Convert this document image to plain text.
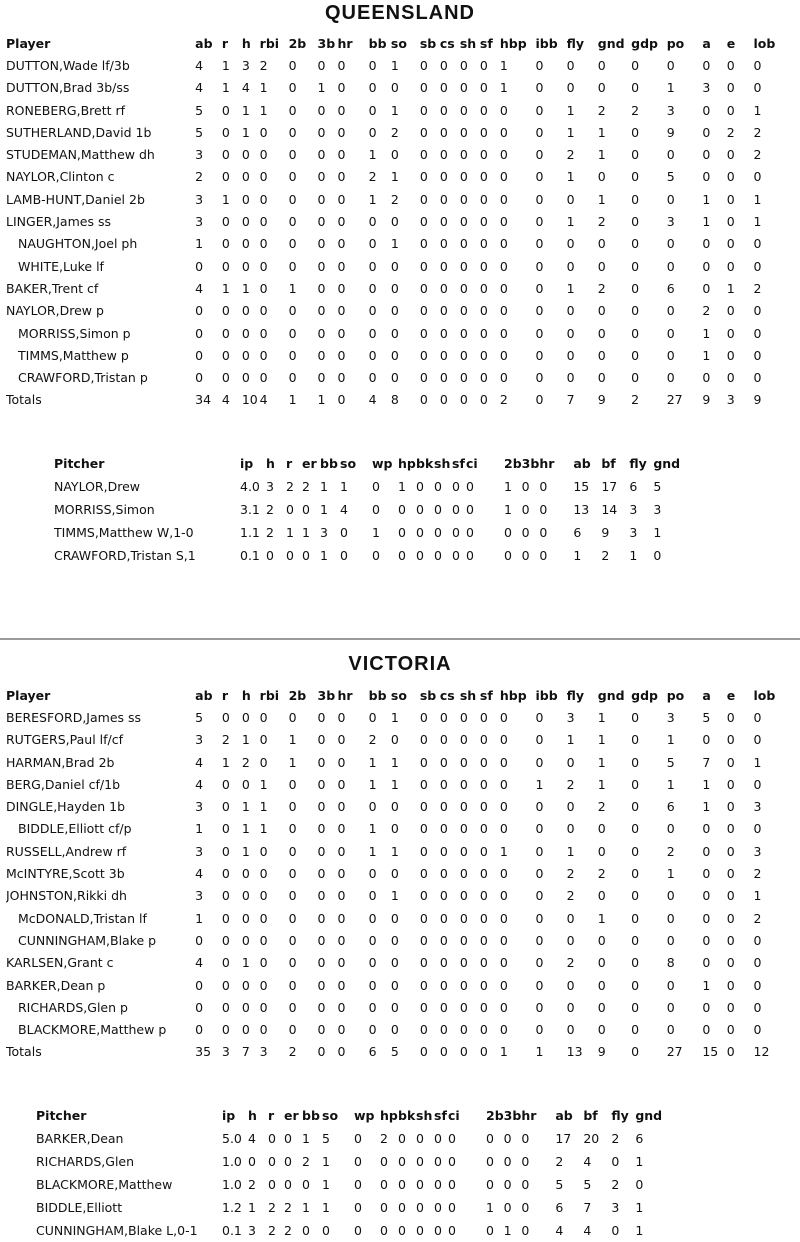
QUEENSLAND
Player	ab	r	h	rbi	2b	3b	hr	bb	so	sb	cs	sh	sf	hbp	ibb	fly	gnd	gdp	po	a	e	lob
DUTTON,Wade lf/3b	4	1	3	2	0	0	0	0	1	0	0	0	0	1	0	0	0	0	0	0	0	0
DUTTON,Brad 3b/ss	4	1	4	1	0	1	0	0	0	0	0	0	0	1	0	0	0	0	1	3	0	0
RONEBERG,Brett rf	5	0	1	1	0	0	0	0	1	0	0	0	0	0	0	1	2	2	3	0	0	1
SUTHERLAND,David 1b	5	0	1	0	0	0	0	0	2	0	0	0	0	0	0	1	1	0	9	0	2	2
STUDEMAN,Matthew dh	3	0	0	0	0	0	0	1	0	0	0	0	0	0	0	2	1	0	0	0	0	2
NAYLOR,Clinton c	2	0	0	0	0	0	0	2	1	0	0	0	0	0	0	1	0	0	5	0	0	0
LAMB-HUNT,Daniel 2b	3	1	0	0	0	0	0	1	2	0	0	0	0	0	0	0	1	0	0	1	0	1
LINGER,James ss	3	0	0	0	0	0	0	0	0	0	0	0	0	0	0	1	2	0	3	1	0	1
NAUGHTON,Joel ph	1	0	0	0	0	0	0	0	1	0	0	0	0	0	0	0	0	0	0	0	0	0
WHITE,Luke lf	0	0	0	0	0	0	0	0	0	0	0	0	0	0	0	0	0	0	0	0	0	0
BAKER,Trent cf	4	1	1	0	1	0	0	0	0	0	0	0	0	0	0	1	2	0	6	0	1	2
NAYLOR,Drew p	0	0	0	0	0	0	0	0	0	0	0	0	0	0	0	0	0	0	0	2	0	0
MORRISS,Simon p	0	0	0	0	0	0	0	0	0	0	0	0	0	0	0	0	0	0	0	1	0	0
TIMMS,Matthew p	0	0	0	0	0	0	0	0	0	0	0	0	0	0	0	0	0	0	0	1	0	0
CRAWFORD,Tristan p	0	0	0	0	0	0	0	0	0	0	0	0	0	0	0	0	0	0	0	0	0	0
Totals	34	4	10	4	1	1	0	4	8	0	0	0	0	2	0	7	9	2	27	9	3	9
Pitcher	ip	h	r	er	bb	so	wp	hp	bk	sh	sf	ci	2b	3b	hr	ab	bf	fly	gnd
NAYLOR,Drew	4.0	3	2	2	1	1	0	1	0	0	0	0	1	0	0	15	17	6	5
MORRISS,Simon	3.1	2	0	0	1	4	0	0	0	0	0	0	1	0	0	13	14	3	3
TIMMS,Matthew W,1-0	1.1	2	1	1	3	0	1	0	0	0	0	0	0	0	0	6	9	3	1
CRAWFORD,Tristan S,1	0.1	0	0	0	1	0	0	0	0	0	0	0	0	0	0	1	2	1	0
VICTORIA
Player	ab	r	h	rbi	2b	3b	hr	bb	so	sb	cs	sh	sf	hbp	ibb	fly	gnd	gdp	po	a	e	lob
BERESFORD,James ss	5	0	0	0	0	0	0	0	1	0	0	0	0	0	0	3	1	0	3	5	0	0
RUTGERS,Paul lf/cf	3	2	1	0	1	0	0	2	0	0	0	0	0	0	0	1	1	0	1	0	0	0
HARMAN,Brad 2b	4	1	2	0	1	0	0	1	1	0	0	0	0	0	0	0	1	0	5	7	0	1
BERG,Daniel cf/1b	4	0	0	1	0	0	0	1	1	0	0	0	0	0	1	2	1	0	1	1	0	0
DINGLE,Hayden 1b	3	0	1	1	0	0	0	0	0	0	0	0	0	0	0	0	2	0	6	1	0	3
BIDDLE,Elliott cf/p	1	0	1	1	0	0	0	1	0	0	0	0	0	0	0	0	0	0	0	0	0	0
RUSSELL,Andrew rf	3	0	1	0	0	0	0	1	1	0	0	0	0	1	0	1	0	0	2	0	0	3
McINTYRE,Scott 3b	4	0	0	0	0	0	0	0	0	0	0	0	0	0	0	2	2	0	1	0	0	2
JOHNSTON,Rikki dh	3	0	0	0	0	0	0	0	1	0	0	0	0	0	0	2	0	0	0	0	0	1
McDONALD,Tristan lf	1	0	0	0	0	0	0	0	0	0	0	0	0	0	0	0	1	0	0	0	0	2
CUNNINGHAM,Blake p	0	0	0	0	0	0	0	0	0	0	0	0	0	0	0	0	0	0	0	0	0	0
KARLSEN,Grant c	4	0	1	0	0	0	0	0	0	0	0	0	0	0	0	2	0	0	8	0	0	0
BARKER,Dean p	0	0	0	0	0	0	0	0	0	0	0	0	0	0	0	0	0	0	0	1	0	0
RICHARDS,Glen p	0	0	0	0	0	0	0	0	0	0	0	0	0	0	0	0	0	0	0	0	0	0
BLACKMORE,Matthew p	0	0	0	0	0	0	0	0	0	0	0	0	0	0	0	0	0	0	0	0	0	0
Totals	35	3	7	3	2	0	0	6	5	0	0	0	0	1	1	13	9	0	27	15	0	12
Pitcher	ip	h	r	er	bb	so	wp	hp	bk	sh	sf	ci	2b	3b	hr	ab	bf	fly	gnd
BARKER,Dean	5.0	4	0	0	1	5	0	2	0	0	0	0	0	0	0	17	20	2	6
RICHARDS,Glen	1.0	0	0	0	2	1	0	0	0	0	0	0	0	0	0	2	4	0	1
BLACKMORE,Matthew	1.0	2	0	0	0	1	0	0	0	0	0	0	0	0	0	5	5	2	0
BIDDLE,Elliott	1.2	1	2	2	1	1	0	0	0	0	0	0	1	0	0	6	7	3	1
CUNNINGHAM,Blake L,0-1	0.1	3	2	2	0	0	0	0	0	0	0	0	0	1	0	4	4	0	1
